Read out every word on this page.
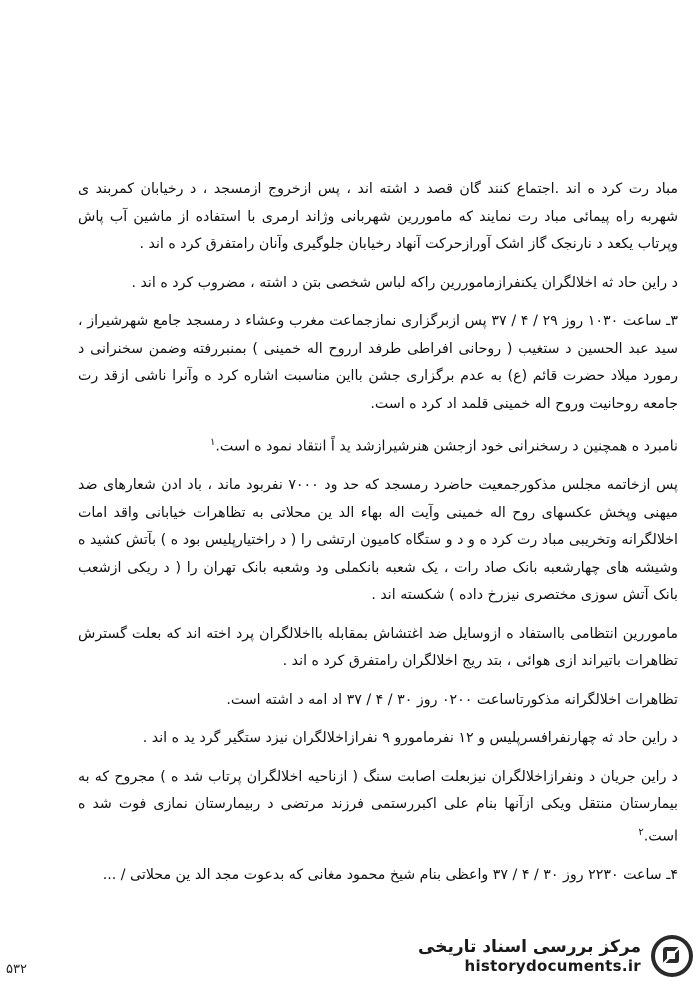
مباد رت کرد ه اند .اجتماع کنند گان قصد د اشته اند ، پس ازخروج ازمسجد ، د رخیابان کمربند ی شهربه راه پیمائی مباد رت نمایند که ماموررین شهربانی وژاند ارمری با استفاده از ماشین آب پاش وپرتاب یکعد د نارنجک گاز اشک آورازحرکت آنهاد رخیابان جلوگیری وآنان رامتفرق کرد ه اند .

د راین حاد ثه اخلالگران یکنفرازماموررین راکه لباس شخصی بتن د اشته ، مضروب کرد ه اند .

۳ـ ساعت ۱۰۳۰ روز ۲۹ / ۴ / ۳۷ پس ازبرگزاری نمازجماعت مغرب وعشاء د رمسجد جامع شهرشیراز ، سید عبد الحسین د ستغیب ( روحانی افراطی طرفد ارروح اله خمینی ) بمنبررفته وضمن سخنرانی د رمورد میلاد حضرت قائم (ع) به عدم برگزاری جشن بااین مناسبت اشاره کرد ه وآنرا ناشی ازقد رت جامعه روحانیت وروح اله خمینی قلمد اد کرد ه است.

نامبرد ه همچنین د رسخنرانی خود ازجشن هنرشیرازشد ید اً انتقاد نمود ه است.$^۱$

پس ازخاتمه مجلس مذکورجمعیت حاضرد رمسجد که حد ود ۷۰۰۰ نفربود ماند ، باد ادن شعارهای ضد میهنی وپخش عکسهای روح اله خمینی وآیت اله بهاء الد ین محلاتی به تظاهرات خیابانی واقد امات اخلالگرانه وتخریبی مباد رت کرد ه و د و ستگاه کامیون ارتشی را ( د راختیارپلیس بود ه ) بآتش کشید ه وشیشه های چهارشعبه بانک صاد رات ، یک شعبه بانکملی ود وشعبه بانک تهران را ( د ریکی ازشعب بانک آتش سوزی مختصری نیزرخ داده ) شکسته اند .

ماموررین انتظامی بااستفاد ه ازوسایل ضد اغتشاش بمقابله بااخلالگران پرد اخته اند که بعلت گسترش تظاهرات باتیراند ازی هوائی ، بتد ریج اخلالگران رامتفرق کرد ه اند .

تظاهرات اخلالگرانه مذکورتاساعت ۰۲۰۰ روز ۳۰ / ۴ / ۳۷ اد امه د اشته است.

د راین حاد ثه چهارنفرافسرپلیس و ۱۲ نفرمامورو ۹ نفرازاخلالگران نیزد ستگیر گرد ید ه اند .

د راین جریان د ونفرازاخلالگران نیزبعلت اصابت سنگ ( ازناحیه اخلالگران پرتاب شد ه ) مجروح که به بیمارستان منتقل ویکی ازآنها بنام علی اکبررستمی فرزند مرتضی د ربیمارستان نمازی فوت شد ه است.$^۲$

۴ـ ساعت ۲۲۳۰ روز ۳۰ / ۴ / ۳۷ واعظی بنام شیخ محمود مغانی که بدعوت مجد الد ین محلاتی / ...

۵۳۲
مرکز بررسی اسناد تاریخی
historydocuments.ir
